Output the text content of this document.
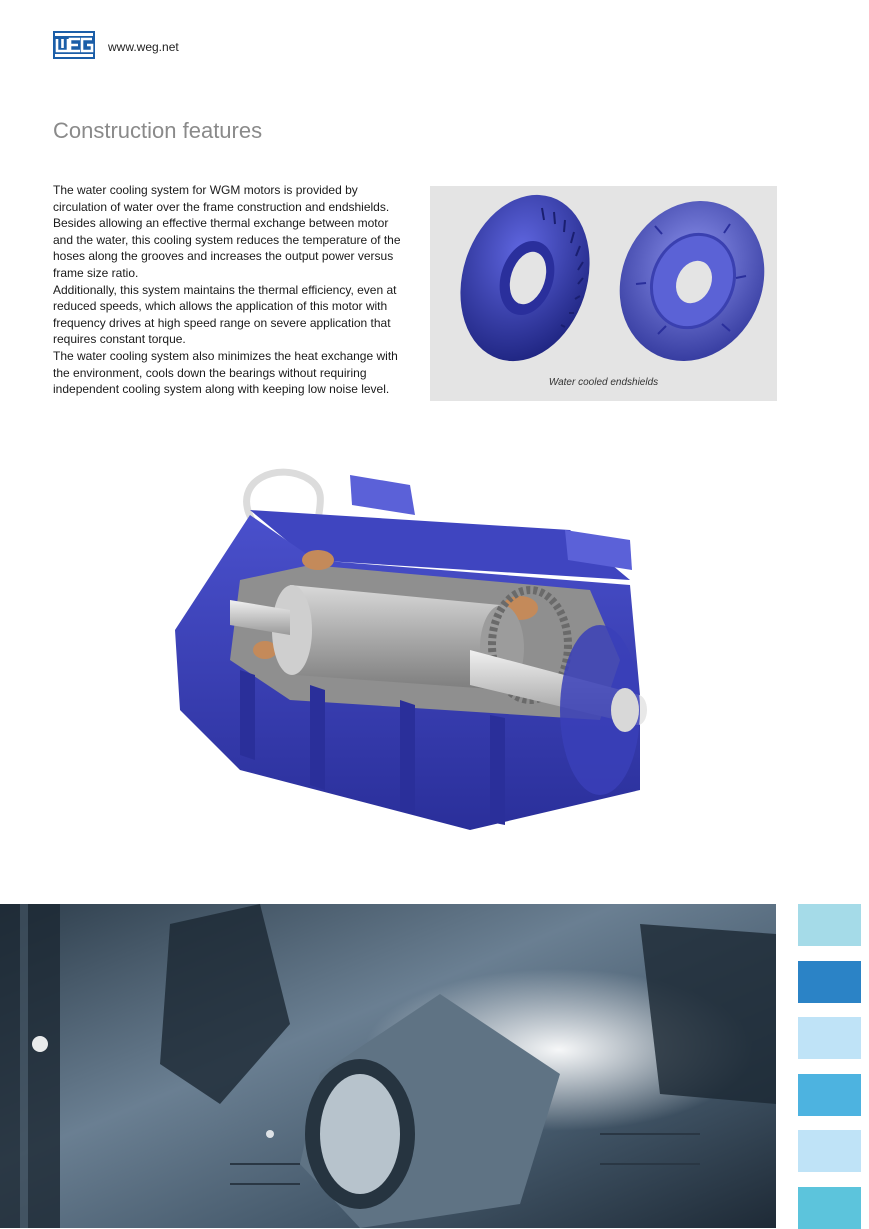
www.weg.net
Construction features

The water cooling system for WGM motors is provided by circulation of water over the frame construction and endshields. Besides allowing an effective thermal exchange between motor and the water, this cooling system reduces the temperature of the hoses along the grooves and increases the output power versus frame size ratio.

Additionally, this system maintains the thermal efficiency, even at reduced speeds, which allows the application of this motor with frequency drives at high speed range on severe application that requires constant torque.

The water cooling system also minimizes the heat exchange with the environment, cools down the bearings without requiring independent cooling system along with keeping low noise level.	Water cooled endshields
